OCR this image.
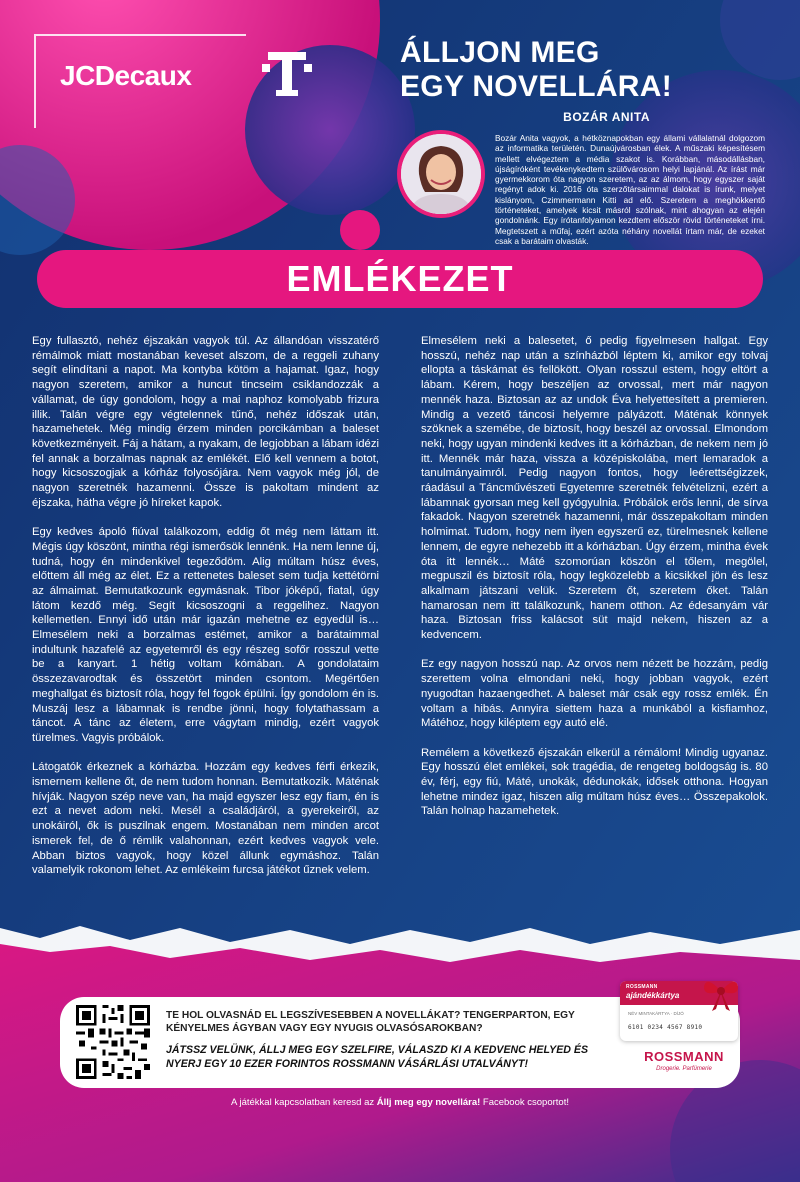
JCDecaux
ÁLLJON MEG
EGY NOVELLÁRA!
BOZÁR ANITA
Bozár Anita vagyok, a hétköznapokban egy állami vállalatnál dolgozom az informatika területén. Dunaújvárosban élek. A műszaki képesítésem mellett elvégeztem a média szakot is. Korábban, másodállásban, újságíróként tevékenykedtem szülővárosom helyi lapjánál. Az írást már gyermekkorom óta nagyon szeretem, az az álmom, hogy egyszer saját regényt adok ki. 2016 óta szerzőtársaimmal dalokat is írunk, melyet kislányom, Czimmermann Kitti ad elő. Szeretem a meghökkentő történeteket, amelyek kicsit másról szólnak, mint ahogyan az elején gondolnánk. Egy írótanfolyamon kezdtem először rövid történeteket írni. Megtetszett a műfaj, ezért azóta néhány novellát írtam már, de ezeket csak a barátaim olvasták.
EMLÉKEZET

Egy fullasztó, nehéz éjszakán vagyok túl. Az állandóan visszatérő rémálmok miatt mostanában keveset alszom, de a reggeli zuhany segít elindítani a napot. Ma kontyba kötöm a hajamat. Igaz, hogy nagyon szeretem, amikor a huncut tincseim csiklandozzák a vállamat, de úgy gondolom, hogy a mai naphoz komolyabb frizura illik. Talán végre egy végtelennek tűnő, nehéz időszak után, hazamehetek. Még mindig érzem minden porcikámban a baleset következményeit. Fáj a hátam, a nyakam, de legjobban a lábam idézi fel annak a borzalmas napnak az emlékét. Elő kell vennem a botot, hogy kicsoszogjak a kórház folyosójára. Nem vagyok még jól, de nagyon szeretnék hazamenni. Össze is pakoltam mindent az éjszaka, hátha végre jó híreket kapok.

Egy kedves ápoló fiúval találkozom, eddig őt még nem láttam itt. Mégis úgy köszönt, mintha régi ismerősök lennénk. Ha nem lenne új, tudná, hogy én mindenkivel tegeződöm. Alig múltam húsz éves, előttem áll még az élet. Ez a rettenetes baleset sem tudja kettétörni az álmaimat. Bemutatkozunk egymásnak. Tibor jóképű, fiatal, úgy látom kezdő még. Segít kicsoszogni a reggelihez. Nagyon kellemetlen. Ennyi idő után már igazán mehetne ez egyedül is… Elmesélem neki a borzalmas estémet, amikor a barátaimmal indultunk hazafelé az egyetemről és egy részeg sofőr rosszul vette be a kanyart. 1 hétig voltam kómában. A gondolataim összezavarodtak és összetört minden csontom. Megértően meghallgat és biztosít róla, hogy fel fogok épülni. Így gondolom én is. Muszáj lesz a lábamnak is rendbe jönni, hogy folytathassam a táncot. A tánc az életem, erre vágytam mindig, ezért vagyok türelmes. Vagyis próbálok.

Látogatók érkeznek a kórházba. Hozzám egy kedves férfi érkezik, ismernem kellene őt, de nem tudom honnan. Bemutatkozik. Máténak hívják. Nagyon szép neve van, ha majd egyszer lesz egy fiam, én is ezt a nevet adom neki. Mesél a családjáról, a gyerekeiről, az unokáiról, ők is puszilnak engem. Mostanában nem minden arcot ismerek fel, de ő rémlik valahonnan, ezért kedves vagyok vele. Abban biztos vagyok, hogy közel állunk egymáshoz. Talán valamelyik rokonom lehet. Az emlékeim furcsa játékot űznek velem.

Elmesélem neki a balesetet, ő pedig figyelmesen hallgat. Egy hosszú, nehéz nap után a színházból léptem ki, amikor egy tolvaj ellopta a táskámat és fellökött. Olyan rosszul estem, hogy eltört a lábam. Kérem, hogy beszéljen az orvossal, mert már nagyon mennék haza. Biztosan az az undok Éva helyettesített a premieren. Mindig a vezető táncosi helyemre pályázott. Máténak könnyek szöknek a szemébe, de biztosít, hogy beszél az orvossal. Elmondom neki, hogy ugyan mindenki kedves itt a kórházban, de nekem nem jó itt. Mennék már haza, vissza a középiskolába, mert lemaradok a tanulmányaimról. Pedig nagyon fontos, hogy leérettségizzek, ráadásul a Táncművészeti Egyetemre szeretnék felvételizni, ezért a lábamnak gyorsan meg kell gyógyulnia. Próbálok erős lenni, de sírva fakadok. Nagyon szeretnék hazamenni, már összepakoltam minden holmimat. Tudom, hogy nem ilyen egyszerű ez, türelmesnek kellene lennem, de egyre nehezebb itt a kórházban. Úgy érzem, mintha évek óta itt lennék… Máté szomorúan köszön el tőlem, megölel, megpuszil és biztosít róla, hogy legközelebb a kicsikkel jön és lesz alkalmam játszani velük. Szeretem őt, szeretem őket. Talán hamarosan nem itt találkozunk, hanem otthon. Az édesanyám vár haza. Biztosan friss kalácsot süt majd nekem, hiszen az a kedvencem.

Ez egy nagyon hosszú nap. Az orvos nem nézett be hozzám, pedig szerettem volna elmondani neki, hogy jobban vagyok, ezért nyugodtan hazaengedhet. A baleset már csak egy rossz emlék. Én voltam a hibás. Annyira siettem haza a munkából a kisfiamhoz, Mátéhoz, hogy kiléptem egy autó elé.

Remélem a következő éjszakán elkerül a rémálom! Mindig ugyanaz. Egy hosszú élet emlékei, sok tragédia, de rengeteg boldogság is. 80 év, férj, egy fiú, Máté, unokák, dédunokák, idősek otthona. Hogyan lehetne mindez igaz, hiszen alig múltam húsz éves… Összepakolok. Talán holnap hazamehetek.

TE HOL OLVASNÁD EL LEGSZÍVESEBBEN A NOVELLÁKAT? TENGERPARTON, EGY KÉNYELMES ÁGYBAN VAGY EGY NYUGIS OLVASÓSAROKBAN?
JÁTSSZ VELÜNK, ÁLLJ MEG EGY SZELFIRE, VÁLASZD KI A KEDVENC HELYED ÉS NYERJ EGY 10 EZER FORINTOS ROSSMANN VÁSÁRLÁSI UTALVÁNYT!
ROSSMANN
ajándékkártya
NÉV MINTAKÁRTYA · DÍJÓ
6101 0234 4567 8910
ROSSMANN
Drogerie. Parfümerie
A játékkal kapcsolatban keresd az Állj meg egy novellára! Facebook csoportot!
